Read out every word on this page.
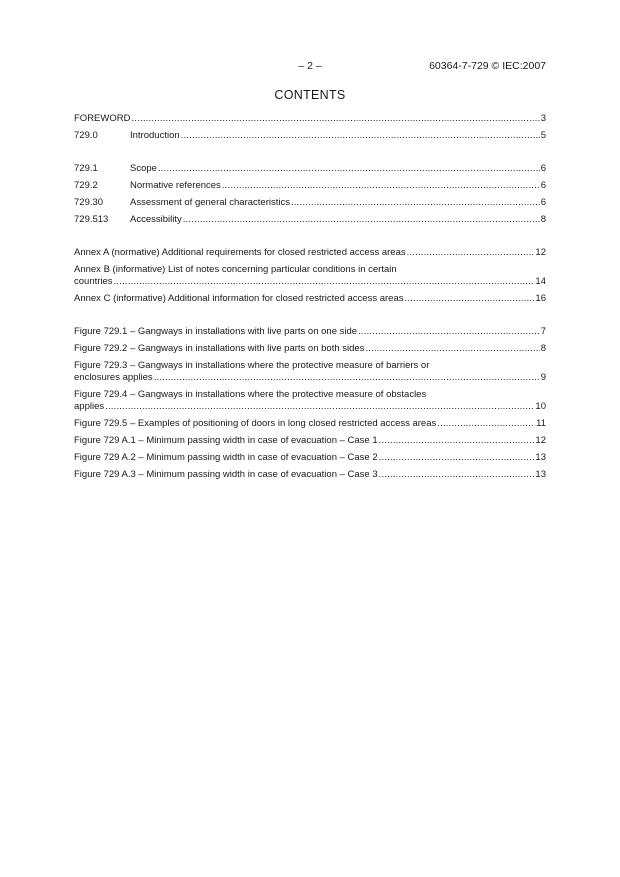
– 2 –	60364-7-729 © IEC:2007
CONTENTS
FOREWORD .....	3
729.0	Introduction .....	5
729.1	Scope .....	6
729.2	Normative references .....	6
729.30	Assessment of general characteristics .....	6
729.513	Accessibility .....	8
Annex A (normative) Additional requirements for closed restricted access areas .....	12
Annex B (informative) List of notes concerning particular conditions in certain
countries .....	14
Annex C (informative) Additional information for closed restricted access areas .....	16
Figure 729.1 – Gangways in installations with live parts on one side .....	7
Figure 729.2 – Gangways in installations with live parts on both sides .....	8
Figure 729.3 – Gangways in installations where the protective measure of barriers or
enclosures applies .....	9
Figure 729.4 – Gangways in installations where the protective measure of obstacles
applies .....	10
Figure 729.5 – Examples of positioning of doors in long closed restricted access areas .....	11
Figure 729 A.1 – Minimum passing width in case of evacuation – Case 1 .....	12
Figure 729 A.2 – Minimum passing width in case of evacuation – Case 2 .....	13
Figure 729 A.3 – Minimum passing width in case of evacuation – Case 3 .....	13
